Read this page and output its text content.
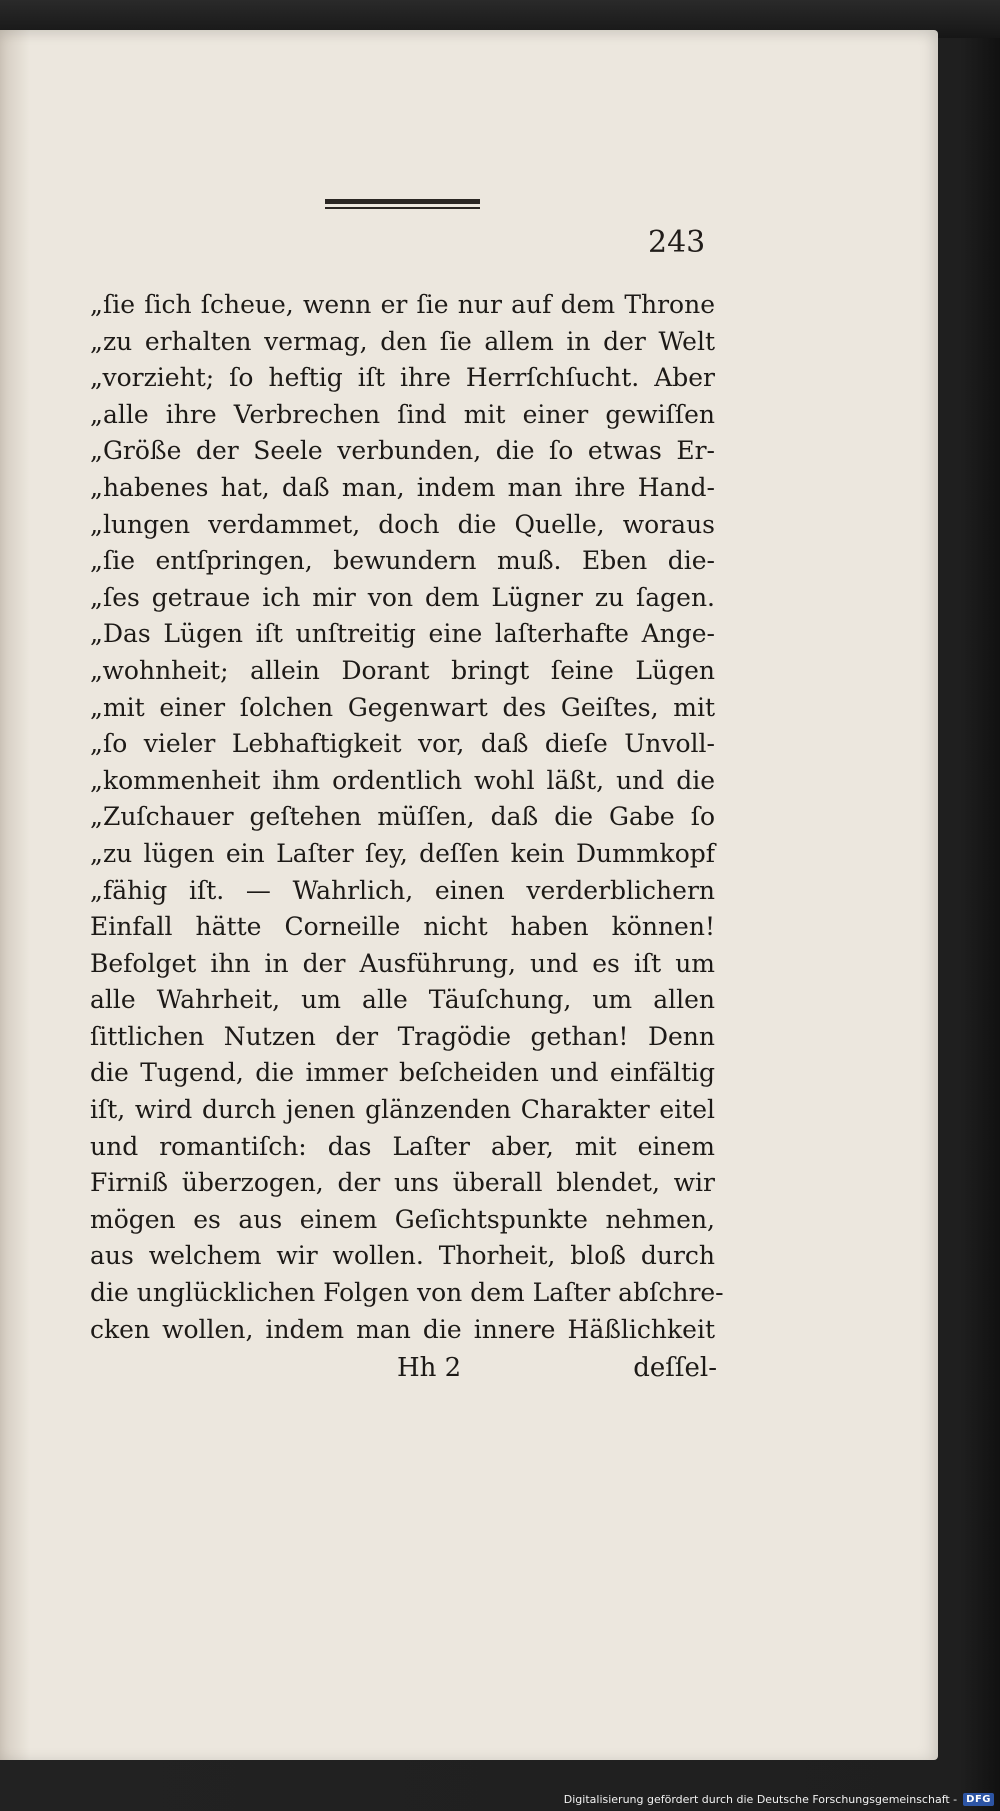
243
„ſie ſich ſcheue, wenn er ſie nur auf dem Throne
„zu erhalten vermag, den ſie allem in der Welt
„vorzieht; ſo heftig iſt ihre Herrſchſucht. Aber
„alle ihre Verbrechen ſind mit einer gewiſſen
„Größe der Seele verbunden, die ſo etwas Er‐
„habenes hat, daß man, indem man ihre Hand‐
„lungen verdammet, doch die Quelle, woraus
„ſie entſpringen, bewundern muß. Eben die‐
„ſes getraue ich mir von dem Lügner zu ſagen.
„Das Lügen iſt unſtreitig eine laſterhafte Ange‐
„wohnheit; allein Dorant bringt ſeine Lügen
„mit einer ſolchen Gegenwart des Geiſtes, mit
„ſo vieler Lebhaftigkeit vor, daß dieſe Unvoll‐
„kommenheit ihm ordentlich wohl läßt, und die
„Zuſchauer geſtehen müſſen, daß die Gabe ſo
„zu lügen ein Laſter ſey, deſſen kein Dummkopf
„fähig iſt. — Wahrlich, einen verderblichern
Einfall hätte Corneille nicht haben können!
Befolget ihn in der Ausführung, und es iſt um
alle Wahrheit, um alle Täuſchung, um allen
ſittlichen Nutzen der Tragödie gethan! Denn
die Tugend, die immer beſcheiden und einfältig
iſt, wird durch jenen glänzenden Charakter eitel
und romantiſch: das Laſter aber, mit einem
Firniß überzogen, der uns überall blendet, wir
mögen es aus einem Geſichtspunkte nehmen,
aus welchem wir wollen. Thorheit, bloß durch
die unglücklichen Folgen von dem Laſter abſchre‐
cken wollen, indem man die innere Häßlichkeit
Hh 2	deſſel‐
Digitalisierung gefördert durch die Deutsche Forschungsgemeinschaft - DFG
